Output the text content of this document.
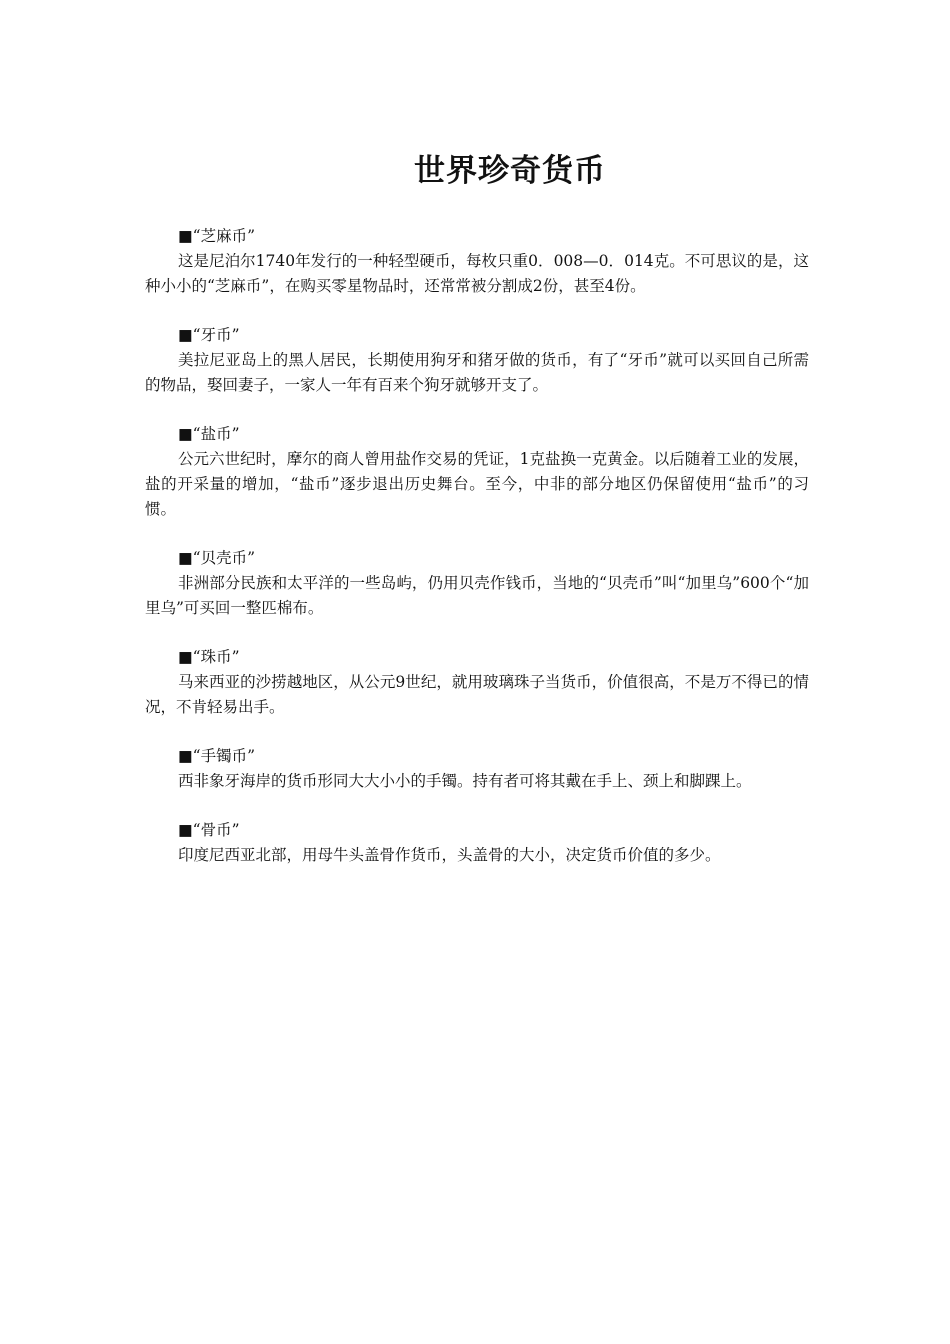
世界珍奇货币
■“芝麻币”

这是尼泊尔1740年发行的一种轻型硬币，每枚只重0．008—0．014克。不可思议的是，这种小小的“芝麻币”，在购买零星物品时，还常常被分割成2份，甚至4份。

■“牙币”

美拉尼亚岛上的黑人居民，长期使用狗牙和猪牙做的货币，有了“牙币”就可以买回自己所需的物品，娶回妻子，一家人一年有百来个狗牙就够开支了。

■“盐币”

公元六世纪时，摩尔的商人曾用盐作交易的凭证，1克盐换一克黄金。以后随着工业的发展，盐的开采量的增加，“盐币”逐步退出历史舞台。至今，中非的部分地区仍保留使用“盐币”的习惯。

■“贝壳币”

非洲部分民族和太平洋的一些岛屿，仍用贝壳作钱币，当地的“贝壳币”叫“加里乌”600个“加里乌”可买回一整匹棉布。

■“珠币”

马来西亚的沙捞越地区，从公元9世纪，就用玻璃珠子当货币，价值很高，不是万不得已的情况，不肯轻易出手。

■“手镯币”

西非象牙海岸的货币形同大大小小的手镯。持有者可将其戴在手上、颈上和脚踝上。

■“骨币”

印度尼西亚北部，用母牛头盖骨作货币，头盖骨的大小，决定货币价值的多少。
